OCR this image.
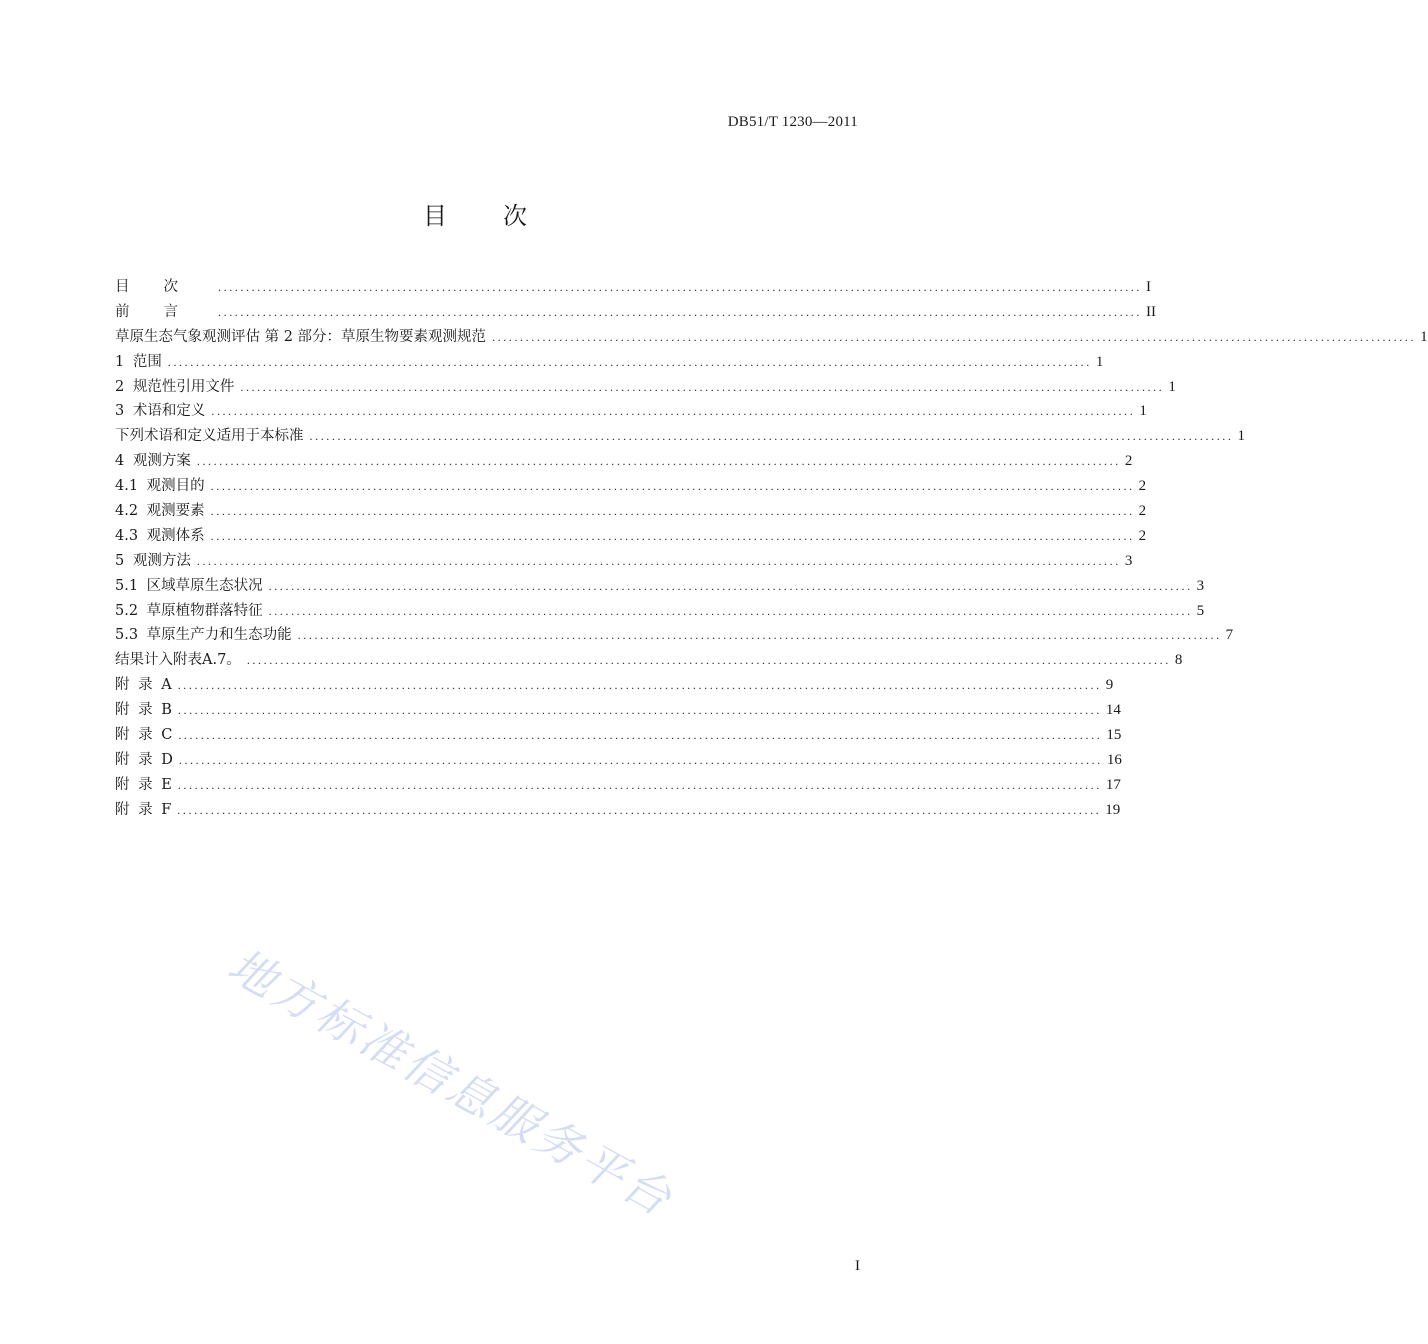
DB51/T 1230—2011
目次
目次 ..................................................................................................................................................................... I
前言 ..................................................................................................................................................................... II
草原生态气象观测评估 第 2 部分：草原生物要素观测规范 ..................................................................................................................................................................... 1
1 范围 ..................................................................................................................................................................... 1
2 规范性引用文件 ..................................................................................................................................................................... 1
3 术语和定义 ..................................................................................................................................................................... 1
下列术语和定义适用于本标准 ..................................................................................................................................................................... 1
4 观测方案 ..................................................................................................................................................................... 2
4.1 观测目的 ..................................................................................................................................................................... 2
4.2 观测要素 ..................................................................................................................................................................... 2
4.3 观测体系 ..................................................................................................................................................................... 2
5 观测方法 ..................................................................................................................................................................... 3
5.1 区域草原生态状况 ..................................................................................................................................................................... 3
5.2 草原植物群落特征 ..................................................................................................................................................................... 5
5.3 草原生产力和生态功能 ..................................................................................................................................................................... 7
结果计入附表A.7。 ..................................................................................................................................................................... 8
附 录 A ..................................................................................................................................................................... 9
附 录 B ..................................................................................................................................................................... 14
附 录 C ..................................................................................................................................................................... 15
附 录 D ..................................................................................................................................................................... 16
附 录 E ..................................................................................................................................................................... 17
附 录 F ..................................................................................................................................................................... 19
地方标准信息服务平台
I
